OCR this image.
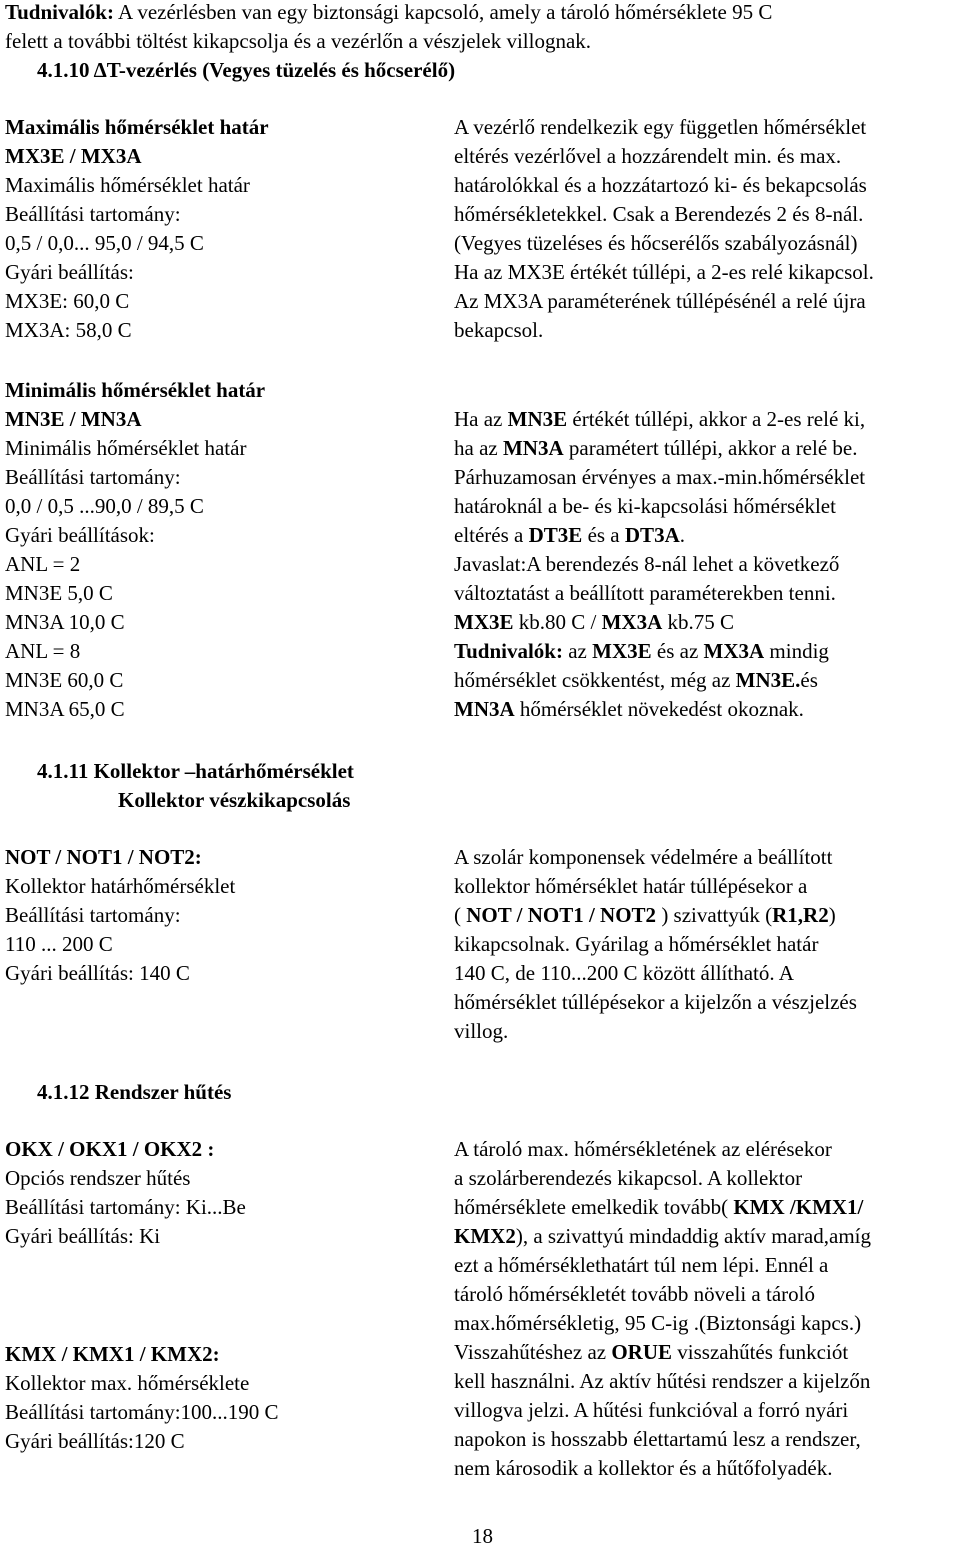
Tudnivalók: A vezérlésben van egy biztonsági kapcsoló, amely a tároló hőmérséklete 95 C
felett a további töltést kikapcsolja és a vezérlőn a vészjelek villognak.
4.1.10 ΔT-vezérlés (Vegyes tüzelés és hőcserélő)
Maximális hőmérséklet határ
MX3E / MX3A
Maximális hőmérséklet határ
Beállítási tartomány:
0,5 / 0,0... 95,0 / 94,5 C
Gyári beállítás:
MX3E: 60,0 C
MX3A: 58,0 C
A vezérlő rendelkezik egy független hőmérséklet
eltérés vezérlővel a hozzárendelt min. és max.
határolókkal és a hozzátartozó ki- és bekapcsolás
hőmérsékletekkel. Csak a Berendezés 2 és 8-nál.
(Vegyes tüzeléses és hőcserélős szabályozásnál)
Ha az MX3E értékét túllépi, a 2-es relé kikapcsol.
Az MX3A paraméterének túllépésénél a relé újra
bekapcsol.
Minimális hőmérséklet határ
MN3E / MN3A
Minimális hőmérséklet határ
Beállítási tartomány:
0,0 / 0,5 ...90,0 / 89,5 C
Gyári beállítások:
ANL = 2
MN3E 5,0 C
MN3A 10,0 C
ANL = 8
MN3E 60,0 C
MN3A 65,0 C
Ha az MN3E értékét túllépi, akkor a 2-es relé ki,
ha az MN3A paramétert túllépi, akkor a relé be.
Párhuzamosan érvényes a max.-min.hőmérséklet
határoknál a be- és ki-kapcsolási hőmérséklet
eltérés a DT3E és a DT3A.
Javaslat:A berendezés 8-nál lehet a következő
változtatást a beállított paraméterekben tenni.
MX3E kb.80 C / MX3A kb.75 C
Tudnivalók: az MX3E és az MX3A mindig
hőmérséklet csökkentést, még az MN3E.és
MN3A hőmérséklet növekedést okoznak.
4.1.11 Kollektor –határhőmérséklet
Kollektor vészkikapcsolás
NOT / NOT1 / NOT2:
Kollektor határhőmérséklet
Beállítási tartomány:
110 ... 200 C
Gyári beállítás: 140 C
A szolár komponensek védelmére a beállított
kollektor hőmérséklet határ túllépésekor a
( NOT / NOT1 / NOT2 ) szivattyúk (R1,R2)
kikapcsolnak. Gyárilag a hőmérséklet határ
140 C, de 110...200 C között állítható. A
hőmérséklet túllépésekor a kijelzőn a vészjelzés
villog.
4.1.12 Rendszer hűtés
OKX / OKX1 / OKX2 :
Opciós rendszer hűtés
Beállítási tartomány: Ki...Be
Gyári beállítás: Ki
KMX / KMX1 / KMX2:
Kollektor max. hőmérséklete
Beállítási tartomány:100...190 C
Gyári beállítás:120 C
A tároló max. hőmérsékletének az elérésekor
a szolárberendezés kikapcsol. A kollektor
hőmérséklete emelkedik tovább( KMX /KMX1/
KMX2), a szivattyú mindaddig aktív marad,amíg
ezt a hőmérséklethatárt túl nem lépi. Ennél a
tároló hőmérsékletét tovább növeli a tároló
max.hőmérsékletig, 95 C-ig .(Biztonsági kapcs.)
Visszahűtéshez az ORUE visszahűtés funkciót
kell használni. Az aktív hűtési rendszer a kijelzőn
villogva jelzi. A hűtési funkcióval a forró nyári
napokon is hosszabb élettartamú lesz a rendszer,
nem károsodik a kollektor és a hűtőfolyadék.
18
